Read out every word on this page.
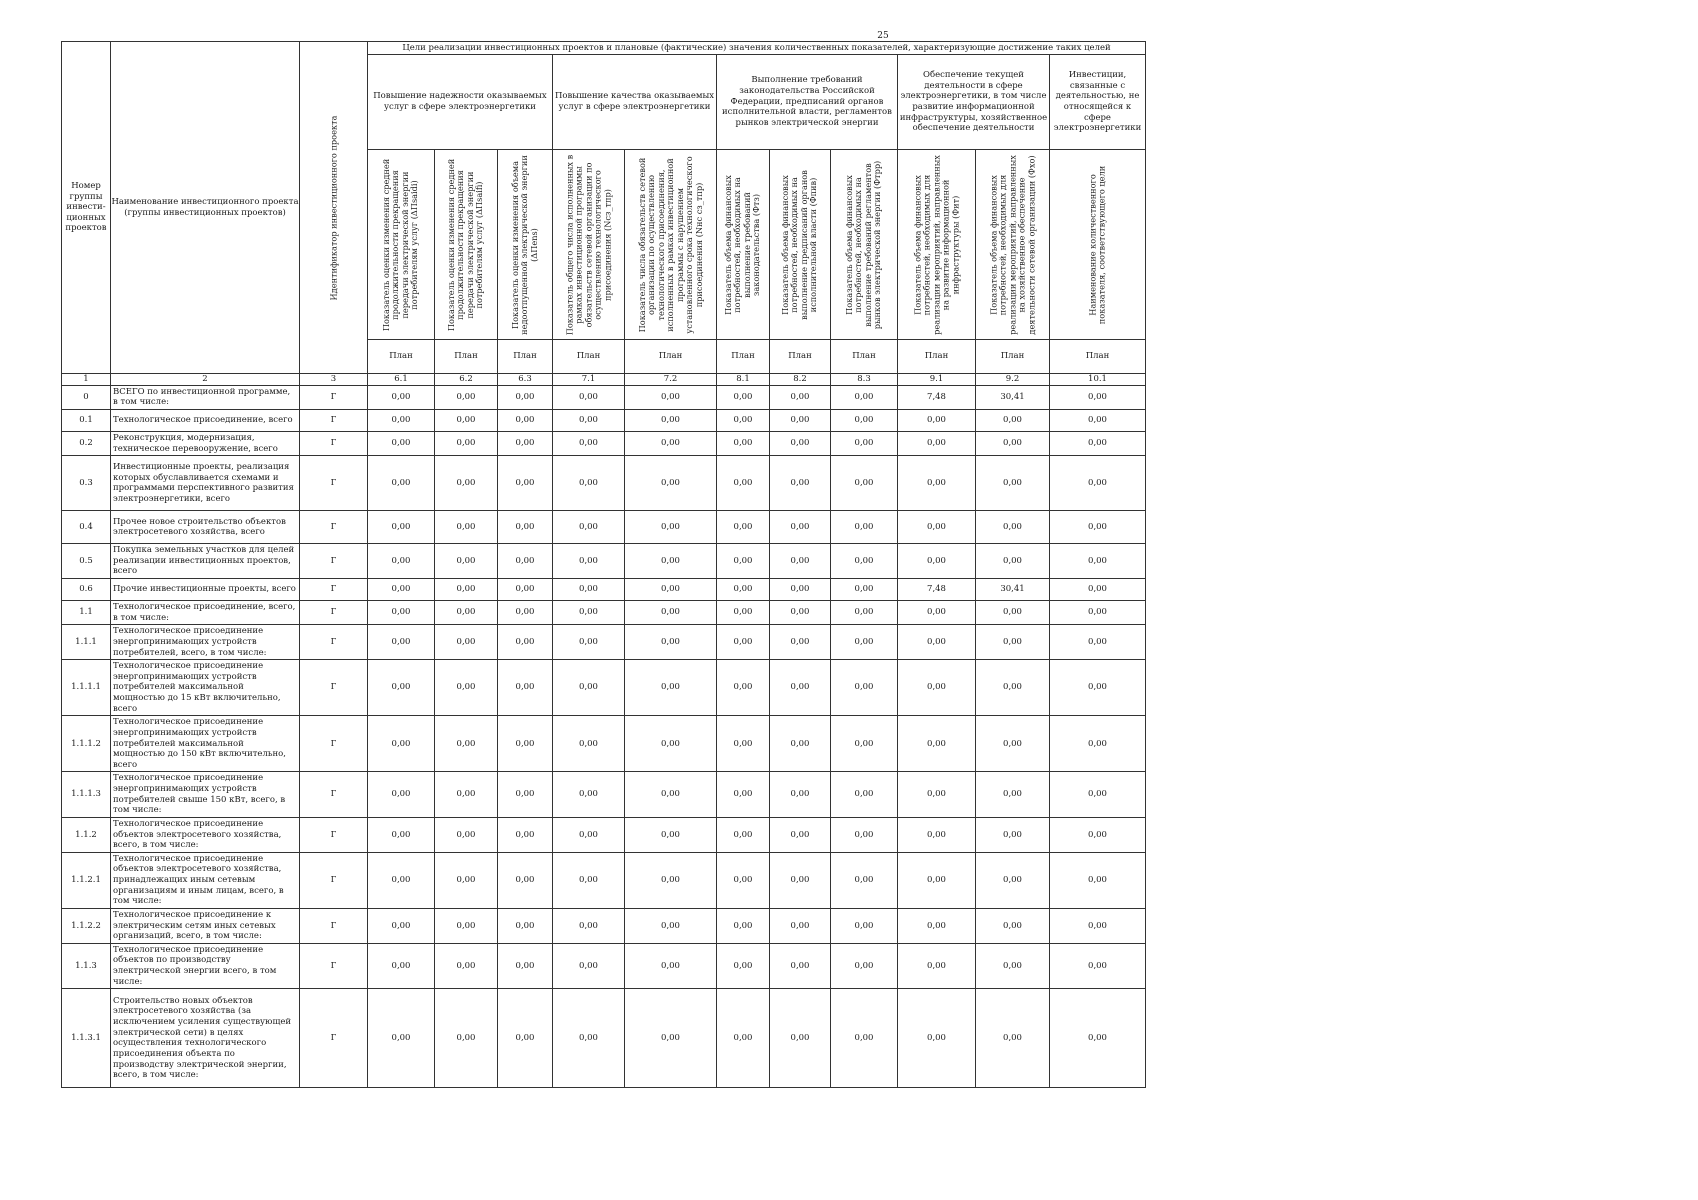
25
Номер группы инвести-ционных проектов	Наименование инвестиционного проекта (группы инвестиционных проектов)	Идентификатор инвестиционного проекта	Цели реализации инвестиционных проектов и плановые (фактические) значения количественных показателей, характеризующие достижение таких целей										
			Повышение надежности оказываемых услуг в сфере электроэнергетики			Повышение качества оказываемых услуг в сфере электроэнергетики		Выполнение требований законодательства Российской Федерации, предписаний органов исполнительной власти, регламентов рынков электрической энергии			Обеспечение текущей деятельности в сфере электроэнергетики, в том числе развитие информационной инфраструктуры, хозяйственное обеспечение деятельности		Инвестиции, связанные с деятельностью, не относящейся к сфере электроэнергетики

			Показатель оценки изменения средней продолжительности прекращения передачи электрической энергии потребителям услуг (ΔПsaidi)	Показатель оценки изменения средней продолжительности прекращения передачи электрической энергии потребителям услуг (ΔПsaifi)	Показатель оценки изменения объема недоотпущенной электрической энергии (ΔПens)	Показатель общего числа исполненных в рамках инвестиционной программы обязательств сетевой организации по осуществлению технологического присоединения (Nсз_тпр)	Показатель числа обязательств сетевой организации по осуществлению технологического присоединения, исполненных в рамках инвестиционной программы с нарушением установленного срока технологического присоединения (Nнс сз_тпр)	Показатель объема финансовых потребностей, необходимых на выполнение требований законодательства (Фтз)	Показатель объема финансовых потребностей, необходимых на выполнение предписаний органов исполнительной власти (Фпив)	Показатель объема финансовых потребностей, необходимых на выполнение требований регламентов рынков электрической энергии (Фтрр)	Показатель объема финансовых потребностей, необходимых для реализации мероприятий, направленных на развитие информационной инфраструктуры (Фит)	Показатель объема финансовых потребностей, необходимых для реализации мероприятий, направленных на хозяйственное обеспечение деятельности сетевой организации (Фхо)	Наименование количественного показателя, соответствующего цели

			План	План	План	План	План	План	План	План	План	План	План
1	2	3	6.1	6.2	6.3	7.1	7.2	8.1	8.2	8.3	9.1	9.2	10.1
0	ВСЕГО по инвестиционной программе, в том числе:	Г	0,00	0,00	0,00	0,00	0,00	0,00	0,00	0,00	7,48	30,41	0,00
0.1	Технологическое присоединение, всего	Г	0,00	0,00	0,00	0,00	0,00	0,00	0,00	0,00	0,00	0,00	0,00
0.2	Реконструкция, модернизация, техническое перевооружение, всего	Г	0,00	0,00	0,00	0,00	0,00	0,00	0,00	0,00	0,00	0,00	0,00
0.3	Инвестиционные проекты, реализация которых обуславливается схемами и программами перспективного развития электроэнергетики, всего	Г	0,00	0,00	0,00	0,00	0,00	0,00	0,00	0,00	0,00	0,00	0,00
0.4	Прочее новое строительство объектов электросетевого хозяйства, всего	Г	0,00	0,00	0,00	0,00	0,00	0,00	0,00	0,00	0,00	0,00	0,00
0.5	Покупка земельных участков для целей реализации инвестиционных проектов, всего	Г	0,00	0,00	0,00	0,00	0,00	0,00	0,00	0,00	0,00	0,00	0,00
0.6	Прочие инвестиционные проекты, всего	Г	0,00	0,00	0,00	0,00	0,00	0,00	0,00	0,00	7,48	30,41	0,00
1.1	Технологическое присоединение, всего, в том числе:	Г	0,00	0,00	0,00	0,00	0,00	0,00	0,00	0,00	0,00	0,00	0,00
1.1.1	Технологическое присоединение энергопринимающих устройств потребителей, всего, в том числе:	Г	0,00	0,00	0,00	0,00	0,00	0,00	0,00	0,00	0,00	0,00	0,00
1.1.1.1	Технологическое присоединение энергопринимающих устройств потребителей максимальной мощностью до 15 кВт включительно, всего	Г	0,00	0,00	0,00	0,00	0,00	0,00	0,00	0,00	0,00	0,00	0,00
1.1.1.2	Технологическое присоединение энергопринимающих устройств потребителей максимальной мощностью до 150 кВт включительно, всего	Г	0,00	0,00	0,00	0,00	0,00	0,00	0,00	0,00	0,00	0,00	0,00
1.1.1.3	Технологическое присоединение энергопринимающих устройств потребителей свыше 150 кВт, всего, в том числе:	Г	0,00	0,00	0,00	0,00	0,00	0,00	0,00	0,00	0,00	0,00	0,00
1.1.2	Технологическое присоединение объектов электросетевого хозяйства, всего, в том числе:	Г	0,00	0,00	0,00	0,00	0,00	0,00	0,00	0,00	0,00	0,00	0,00
1.1.2.1	Технологическое присоединение объектов электросетевого хозяйства, принадлежащих иным сетевым организациям и иным лицам, всего, в том числе:	Г	0,00	0,00	0,00	0,00	0,00	0,00	0,00	0,00	0,00	0,00	0,00
1.1.2.2	Технологическое присоединение к электрическим сетям иных сетевых организаций, всего, в том числе:	Г	0,00	0,00	0,00	0,00	0,00	0,00	0,00	0,00	0,00	0,00	0,00
1.1.3	Технологическое присоединение объектов по производству электрической энергии всего, в том числе:	Г	0,00	0,00	0,00	0,00	0,00	0,00	0,00	0,00	0,00	0,00	0,00
1.1.3.1	Строительство новых объектов электросетевого хозяйства (за исключением усиления существующей электрической сети) в целях осуществления технологического присоединения объекта по производству электрической энергии, всего, в том числе:	Г	0,00	0,00	0,00	0,00	0,00	0,00	0,00	0,00	0,00	0,00	0,00
